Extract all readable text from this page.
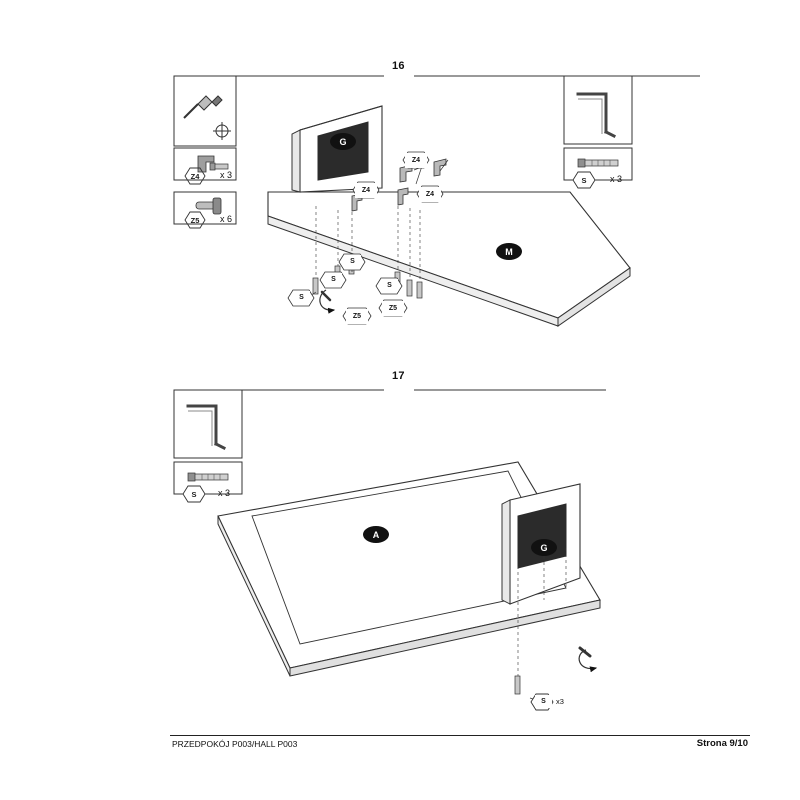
16
17
Z4	x 3
Z5	x 6
S	x 3
S	x 3
G
M
A
G
Z4
Z4
Z4
Z5
Z5
S
S
S
S
S	x3
PRZEDPOKÓJ P003/HALL P003	Strona 9/10
